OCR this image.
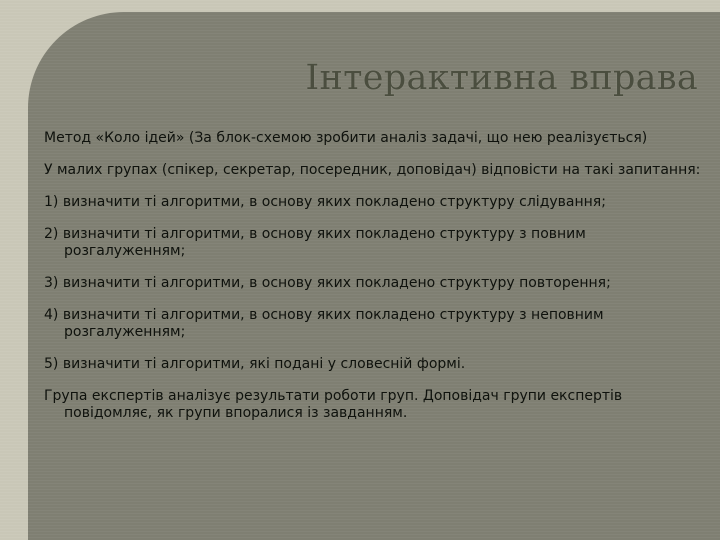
Інтерактивна вправа

Метод «Коло ідей» (За блок-схемою зробити аналіз задачі, що нею реалізується)

У малих групах (спікер, секретар, посередник, доповідач) відповісти на такі запитання:

1) визначити ті алгоритми, в основу яких покладено структуру слідування;

2) визначити ті алгоритми, в основу яких покладено структуру з повним розгалуженням;

3) визначити ті алгоритми, в основу яких покладено структуру повторення;

4) визначити ті алгоритми, в основу яких покладено структуру з неповним розгалуженням;

5) визначити ті алгоритми, які подані у словесній формі.

Група експертів аналізує результати роботи груп. Доповідач групи експертів повідомляє, як групи впоралися із завданням.
